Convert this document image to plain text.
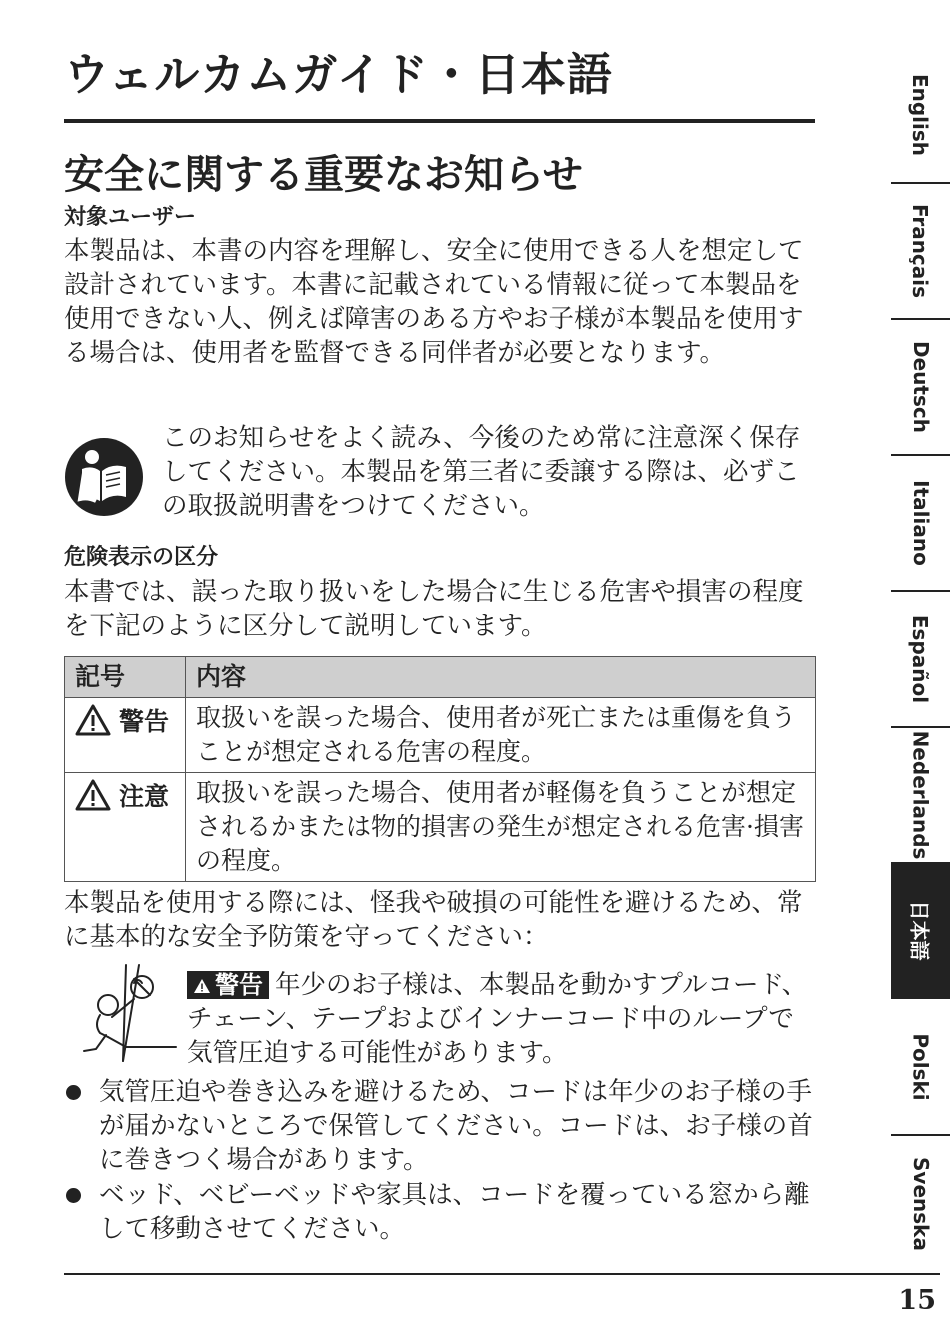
ウェルカムガイド・日本語
安全に関する重要なお知らせ
対象ユーザー

本製品は、本書の内容を理解し、安全に使用できる人を想定して設計されています。本書に記載されている情報に従って本製品を使用できない人、例えば障害のある方やお子様が本製品を使用する場合は、使用者を監督できる同伴者が必要となります。

このお知らせをよく読み、今後のため常に注意深く保存してください。本製品を第三者に委譲する際は、必ずこの取扱説明書をつけてください。

危険表示の区分

本書では、誤った取り扱いをした場合に生じる危害や損害の程度を下記のように区分して説明しています。

記号	内容
警告	取扱いを誤った場合、使用者が死亡または重傷を負うことが想定される危害の程度。
注意	取扱いを誤った場合、使用者が軽傷を負うことが想定されるかまたは物的損害の発生が想定される危害·損害の程度。

本製品を使用する際には、怪我や破損の可能性を避けるため、常に基本的な安全予防策を守ってください：

警告 年少のお子様は、本製品を動かすプルコード、チェーン、テープおよびインナーコード中のループで気管圧迫する可能性があります。

気管圧迫や巻き込みを避けるため、コードは年少のお子様の手が届かないところで保管してください。コードは、お子様の首に巻きつく場合があります。
ベッド、ベビーベッドや家具は、コードを覆っている窓から離して移動させてください。
15
English
Français
Deutsch
Italiano
Español
Nederlands
日本語
Polski
Svenska
